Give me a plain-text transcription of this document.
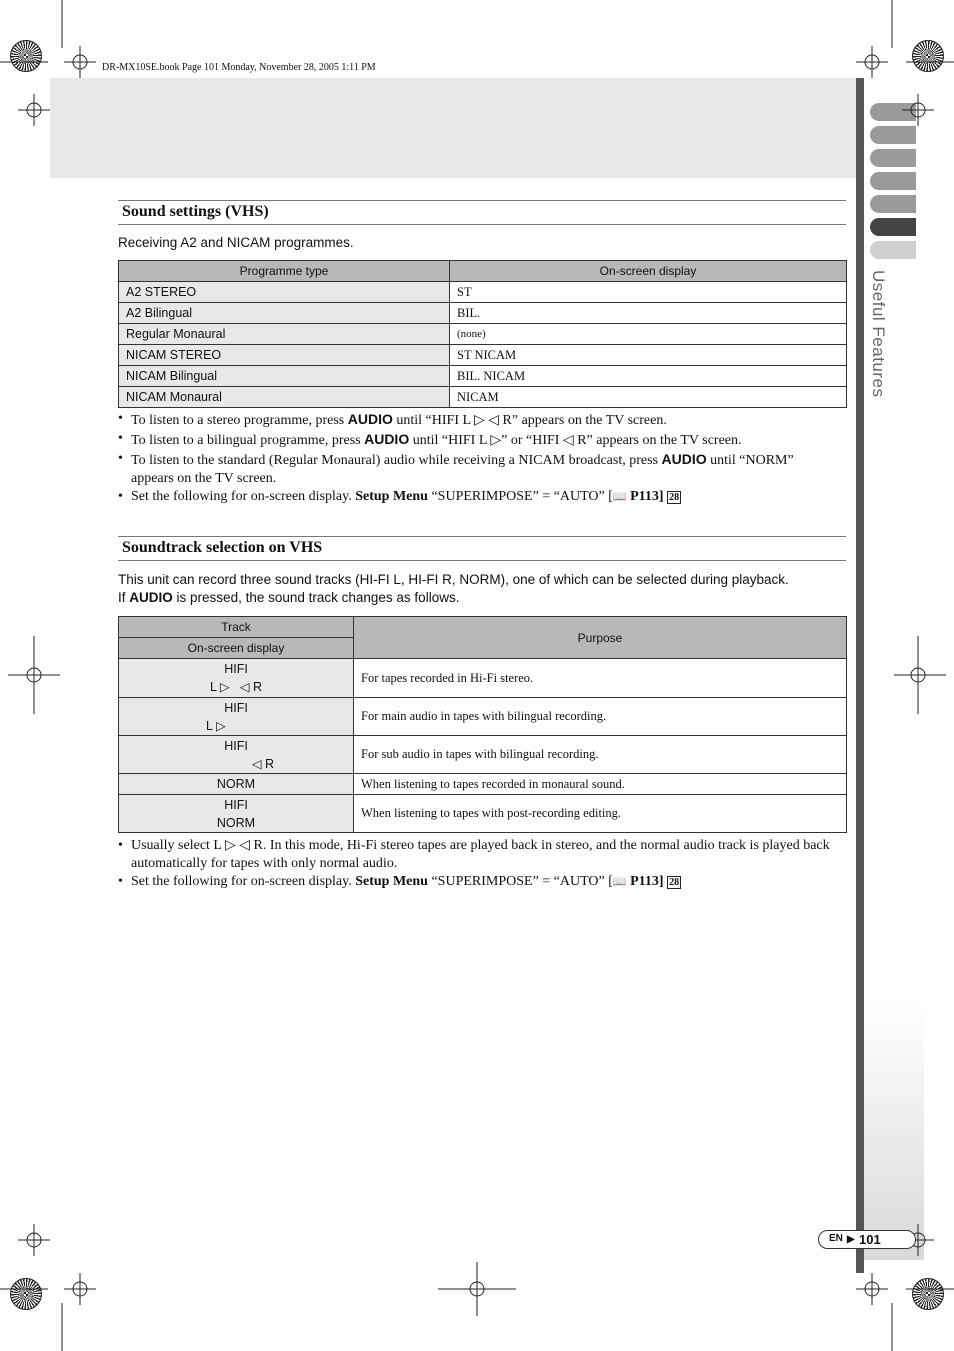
Useful Features
DR-MX10SE.book Page 101 Monday, November 28, 2005 1:11 PM
Sound settings (VHS)
Receiving A2 and NICAM programmes.
Programme type	On-screen display
A2 STEREO	ST
A2 Bilingual	BIL.
Regular Monaural	(none)
NICAM STEREO	ST NICAM
NICAM Bilingual	BIL. NICAM
NICAM Monaural	NICAM
• To listen to a stereo programme, press AUDIO until “HIFI L ▷ ◁ R” appears on the TV screen.
• To listen to a bilingual programme, press AUDIO until “HIFI L ▷” or “HIFI ◁ R” appears on the TV screen.
• To listen to the standard (Regular Monaural) audio while receiving a NICAM broadcast, press AUDIO until “NORM” appears on the TV screen.
• Set the following for on-screen display. Setup Menu “SUPERIMPOSE” = “AUTO” [📖 P113] 28
Soundtrack selection on VHS
This unit can record three sound tracks (HI-FI L, HI-FI R, NORM), one of which can be selected during playback.
If AUDIO is pressed, the sound track changes as follows.
Track	Purpose
On-screen display	

HIFI
L ▷   ◁ R	For tapes recorded in Hi-Fi stereo.

HIFI
L ▷	For main audio in tapes with bilingual recording.

HIFI
◁ R	For sub audio in tapes with bilingual recording.
NORM	When listening to tapes recorded in monaural sound.

HIFI
NORM	When listening to tapes with post-recording editing.
• Usually select L ▷ ◁ R. In this mode, Hi-Fi stereo tapes are played back in stereo, and the normal audio track is played back automatically for tapes with only normal audio.
• Set the following for on-screen display. Setup Menu “SUPERIMPOSE” = “AUTO” [📖 P113] 28
EN ▶ 101
